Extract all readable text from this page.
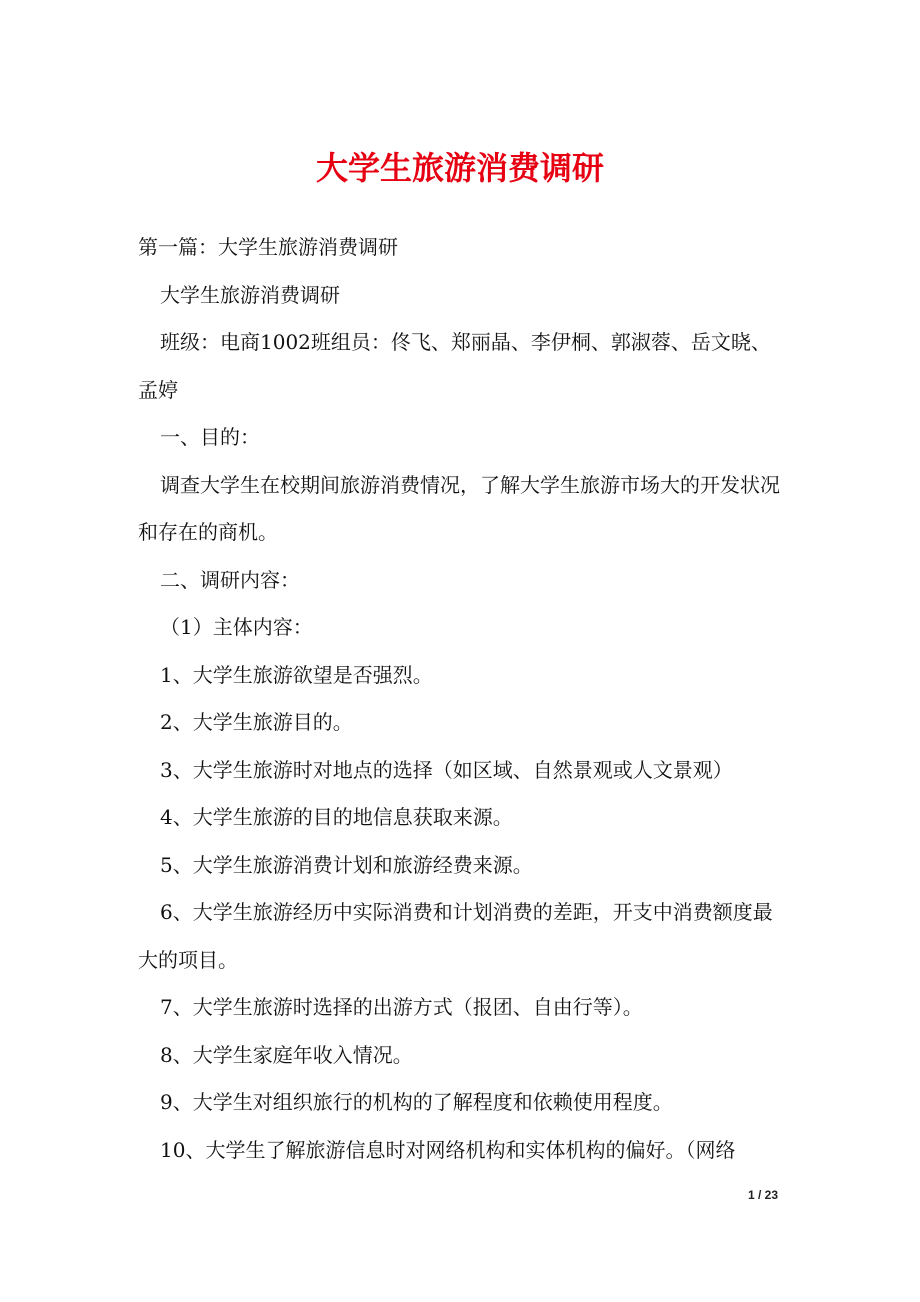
大学生旅游消费调研

第一篇：大学生旅游消费调研

大学生旅游消费调研

班级：电商1002班组员：佟飞、郑丽晶、李伊桐、郭淑蓉、岳文晓、孟婷

一、目的：

调查大学生在校期间旅游消费情况，了解大学生旅游市场大的开发状况和存在的商机。

二、调研内容：

（1）主体内容：

1、大学生旅游欲望是否强烈。

2、大学生旅游目的。

3、大学生旅游时对地点的选择（如区域、自然景观或人文景观）

4、大学生旅游的目的地信息获取来源。

5、大学生旅游消费计划和旅游经费来源。

6、大学生旅游经历中实际消费和计划消费的差距，开支中消费额度最大的项目。

7、大学生旅游时选择的出游方式（报团、自由行等）。

8、大学生家庭年收入情况。

9、大学生对组织旅行的机构的了解程度和依赖使用程度。

10、大学生了解旅游信息时对网络机构和实体机构的偏好。（网络

1 / 23
